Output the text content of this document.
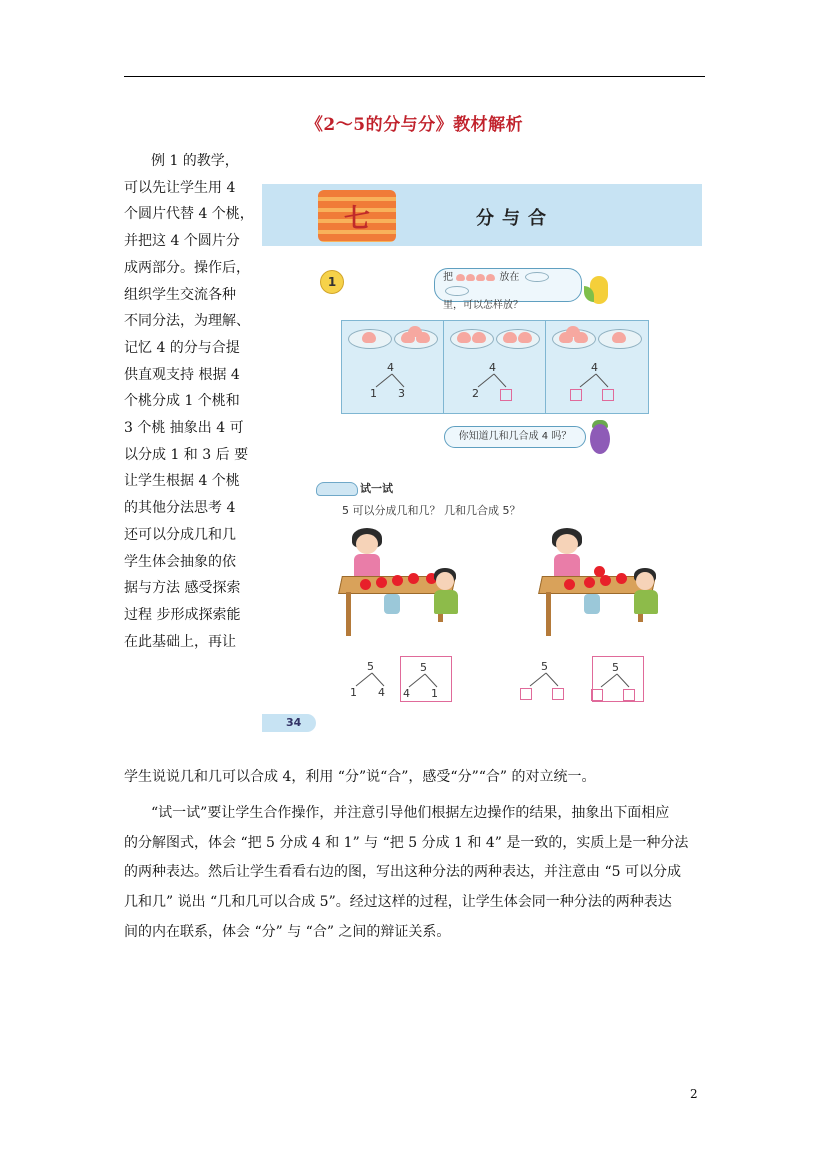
《2～5的分与分》教材解析
例 1 的教学，
可以先让学生用 4
个圆片代替 4 个桃，
并把这 4 个圆片分
成两部分。操作后，
组织学生交流各种
不同分法，为理解、
记忆 4 的分与合提
供直观支持 根据 4
个桃分成 1 个桃和
3 个桃 抽象出 4 可
以分成 1 和 3 后 要
让学生根据 4 个桃
的其他分法思考 4
还可以分成几和几
学生体会抽象的依
据与方法 感受探索
过程 步形成探索能
在此基础上，再让
学生说说几和几可以合成 4，利用 “分”说“合”，感受“分”“合” 的对立统一。
“试一试”要让学生合作操作，并注意引导他们根据左边操作的结果，抽象出下面相应
的分解图式，体会 “把 5 分成 4 和 1” 与 “把 5 分成 1 和 4” 是一致的，实质上是一种分法
的两种表达。然后让学生看看右边的图，写出这种分法的两种表达，并注意由 “5 可以分成
几和几” 说出 “几和几可以合成 5”。经过这样的过程，让学生体会同一种分法的两种表达
间的内在联系，体会 “分” 与 “合” 之间的辩证关系。
2
七	分与合
1	把	放在
里，可以怎样放？
4
1 3
4
2
4
你知道几和几合成 4 吗？
试一试
5 可以分成几和几？ 几和几合成 5？
5
1 4
5
4 1
5	5
34
